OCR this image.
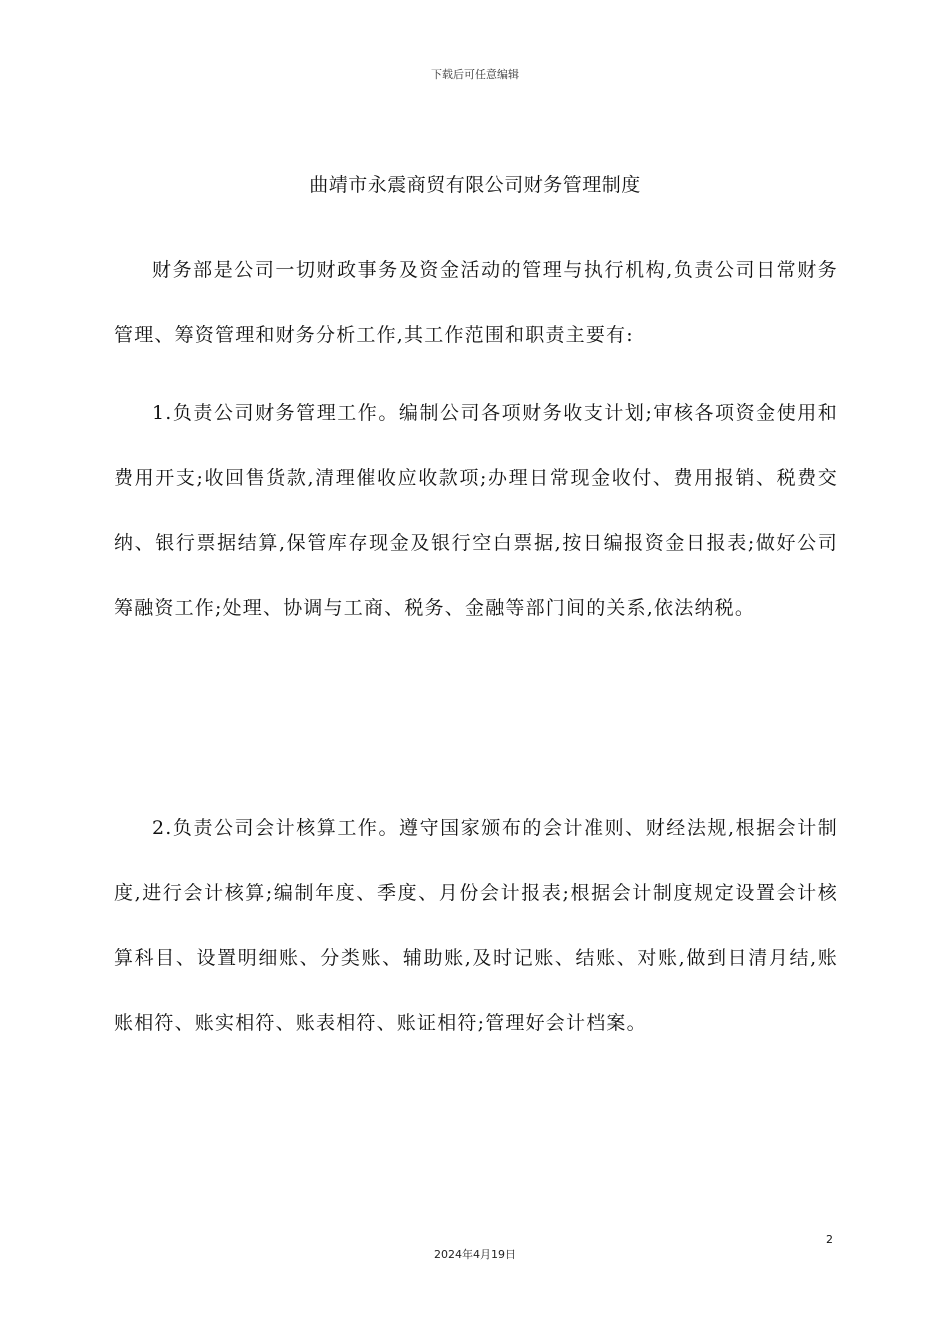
下载后可任意编辑
曲靖市永震商贸有限公司财务管理制度

财务部是公司一切财政事务及资金活动的管理与执行机构,负责公司日常财务管理、筹资管理和财务分析工作,其工作范围和职责主要有:

1.负责公司财务管理工作。编制公司各项财务收支计划;审核各项资金使用和费用开支;收回售货款,清理催收应收款项;办理日常现金收付、费用报销、税费交纳、银行票据结算,保管库存现金及银行空白票据,按日编报资金日报表;做好公司筹融资工作;处理、协调与工商、税务、金融等部门间的关系,依法纳税。

2.负责公司会计核算工作。遵守国家颁布的会计准则、财经法规,根据会计制度,进行会计核算;编制年度、季度、月份会计报表;根据会计制度规定设置会计核算科目、设置明细账、分类账、辅助账,及时记账、结账、对账,做到日清月结,账账相符、账实相符、账表相符、账证相符;管理好会计档案。

2
2024年4月19日
